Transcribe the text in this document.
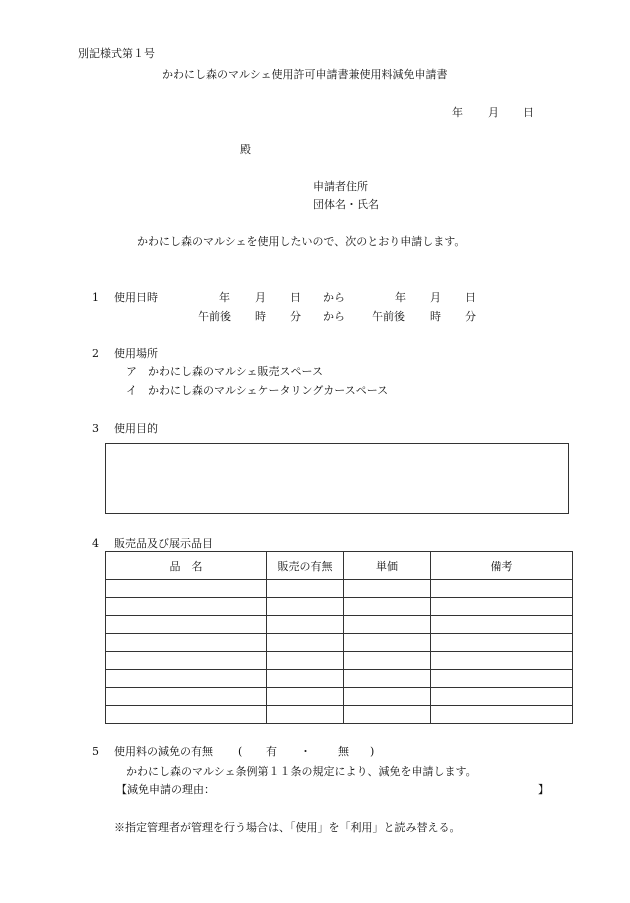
別記様式第１号
かわにし森のマルシェ使用許可申請書兼使用料減免申請書
年 月 日
殿
申請者住所
団体名・氏名
かわにし森のマルシェを使用したいので、次のとおり申請します。
1 使用日時	年 月 日 から	年 月 日
午前後 時 分 から 午前後 時 分
2 使用場所
ア かわにし森のマルシェ販売スペース
イ かわにし森のマルシェケータリングカースペース
3 使用目的
4 販売品及び展示品目
品　名	販売の有無	単価	備考

5 使用料の減免の有無 ( 有 ・ 無 )
かわにし森のマルシェ条例第１１条の規定により、減免を申請します。
【減免申請の理由：	】
※指定管理者が管理を行う場合は、「使用」を「利用」と読み替える。
